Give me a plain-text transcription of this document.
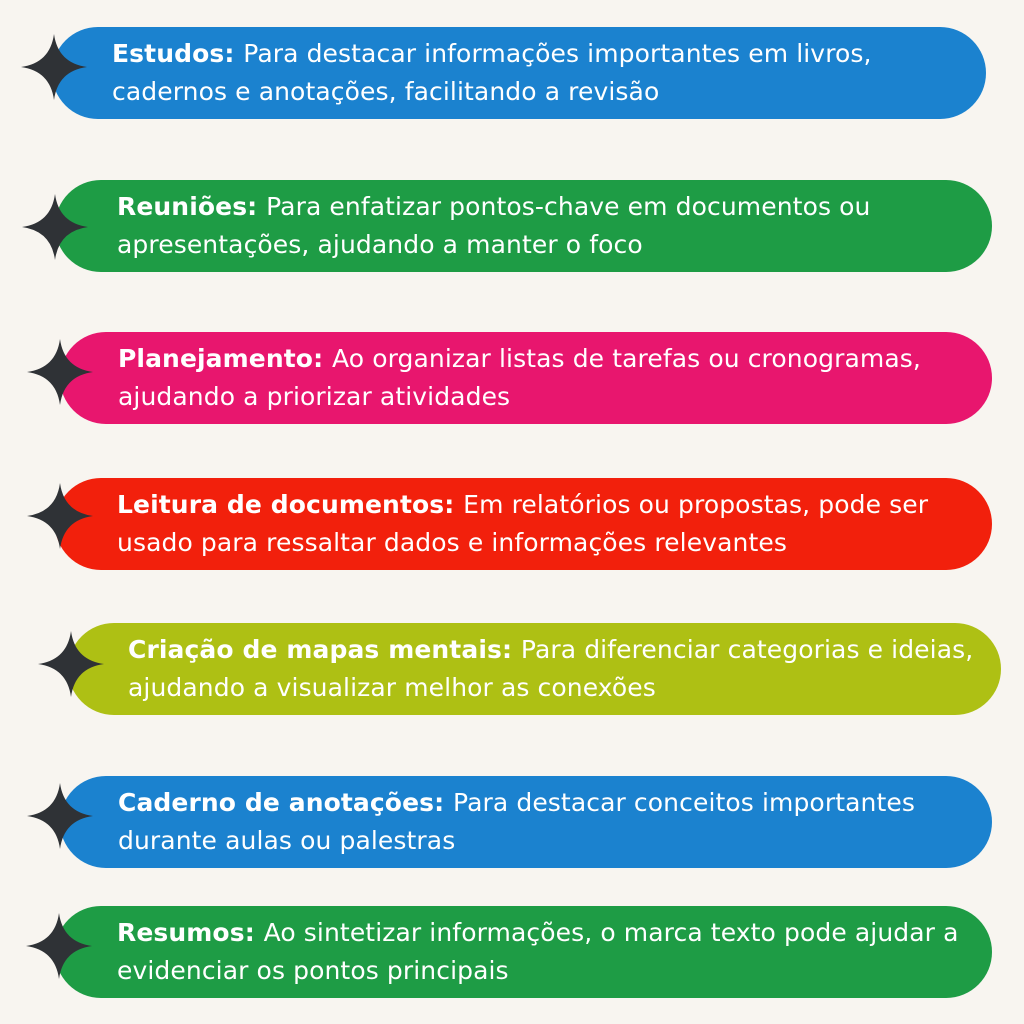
Estudos: Para destacar informações importantes em livros, cadernos e anotações, facilitando a revisão

Reuniões: Para enfatizar pontos-chave em documentos ou apresentações, ajudando a manter o foco

Planejamento: Ao organizar listas de tarefas ou cronogramas, ajudando a priorizar atividades

Leitura de documentos: Em relatórios ou propostas, pode ser usado para ressaltar dados e informações relevantes

Criação de mapas mentais: Para diferenciar categorias e ideias, ajudando a visualizar melhor as conexões

Caderno de anotações: Para destacar conceitos importantes durante aulas ou palestras

Resumos: Ao sintetizar informações, o marca texto pode ajudar a evidenciar os pontos principais
